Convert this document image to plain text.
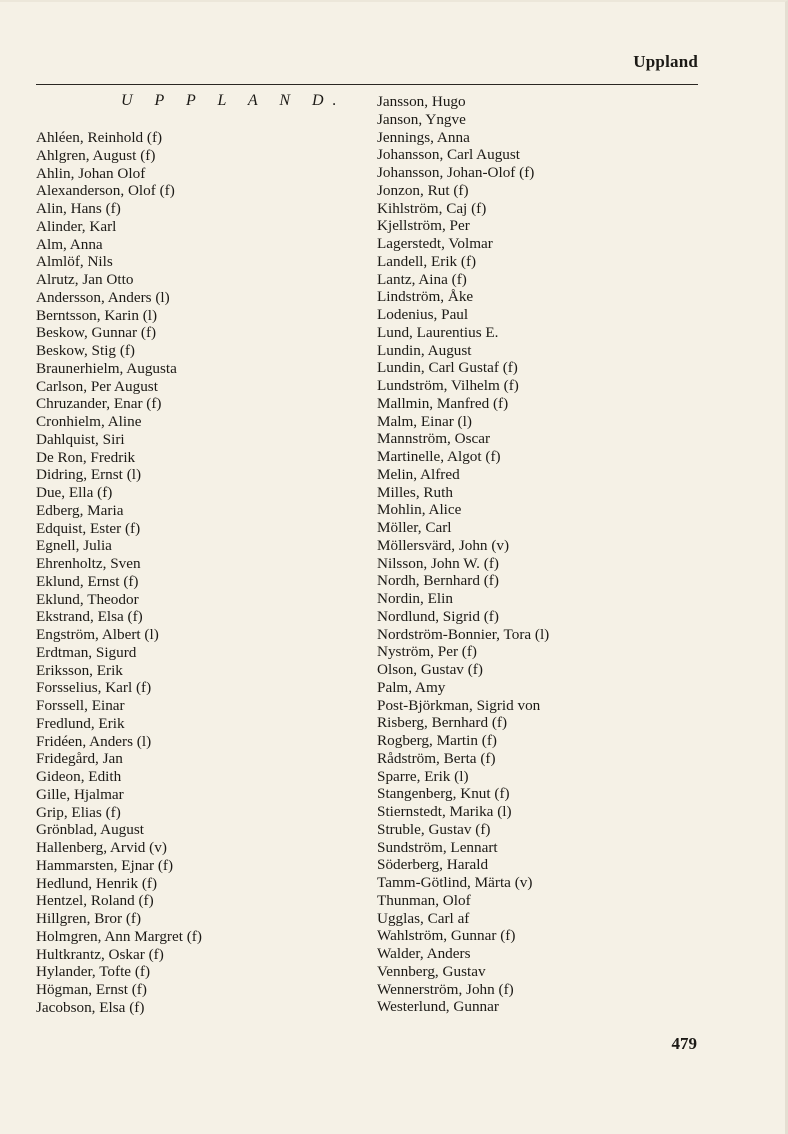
Uppland
U P P L A N D.
Ahléen, Reinhold (f)
Ahlgren, August (f)
Ahlin, Johan Olof
Alexanderson, Olof (f)
Alin, Hans (f)
Alinder, Karl
Alm, Anna
Almlöf, Nils
Alrutz, Jan Otto
Andersson, Anders (l)
Berntsson, Karin (l)
Beskow, Gunnar (f)
Beskow, Stig (f)
Braunerhielm, Augusta
Carlson, Per August
Chruzander, Enar (f)
Cronhielm, Aline
Dahlquist, Siri
De Ron, Fredrik
Didring, Ernst (l)
Due, Ella (f)
Edberg, Maria
Edquist, Ester (f)
Egnell, Julia
Ehrenholtz, Sven
Eklund, Ernst (f)
Eklund, Theodor
Ekstrand, Elsa (f)
Engström, Albert (l)
Erdtman, Sigurd
Eriksson, Erik
Forsselius, Karl (f)
Forssell, Einar
Fredlund, Erik
Fridéen, Anders (l)
Fridegård, Jan
Gideon, Edith
Gille, Hjalmar
Grip, Elias (f)
Grönblad, August
Hallenberg, Arvid (v)
Hammarsten, Ejnar (f)
Hedlund, Henrik (f)
Hentzel, Roland (f)
Hillgren, Bror (f)
Holmgren, Ann Margret (f)
Hultkrantz, Oskar (f)
Hylander, Tofte (f)
Högman, Ernst (f)
Jacobson, Elsa (f)
Jansson, Hugo
Janson, Yngve
Jennings, Anna
Johansson, Carl August
Johansson, Johan-Olof (f)
Jonzon, Rut (f)
Kihlström, Caj (f)
Kjellström, Per
Lagerstedt, Volmar
Landell, Erik (f)
Lantz, Aina (f)
Lindström, Åke
Lodenius, Paul
Lund, Laurentius E.
Lundin, August
Lundin, Carl Gustaf (f)
Lundström, Vilhelm (f)
Mallmin, Manfred (f)
Malm, Einar (l)
Mannström, Oscar
Martinelle, Algot (f)
Melin, Alfred
Milles, Ruth
Mohlin, Alice
Möller, Carl
Möllersvärd, John (v)
Nilsson, John W. (f)
Nordh, Bernhard (f)
Nordin, Elin
Nordlund, Sigrid (f)
Nordström-Bonnier, Tora (l)
Nyström, Per (f)
Olson, Gustav (f)
Palm, Amy
Post-Björkman, Sigrid von
Risberg, Bernhard (f)
Rogberg, Martin (f)
Rådström, Berta (f)
Sparre, Erik (l)
Stangenberg, Knut (f)
Stiernstedt, Marika (l)
Struble, Gustav (f)
Sundström, Lennart
Söderberg, Harald
Tamm-Götlind, Märta (v)
Thunman, Olof
Ugglas, Carl af
Wahlström, Gunnar (f)
Walder, Anders
Vennberg, Gustav
Wennerström, John (f)
Westerlund, Gunnar
479
